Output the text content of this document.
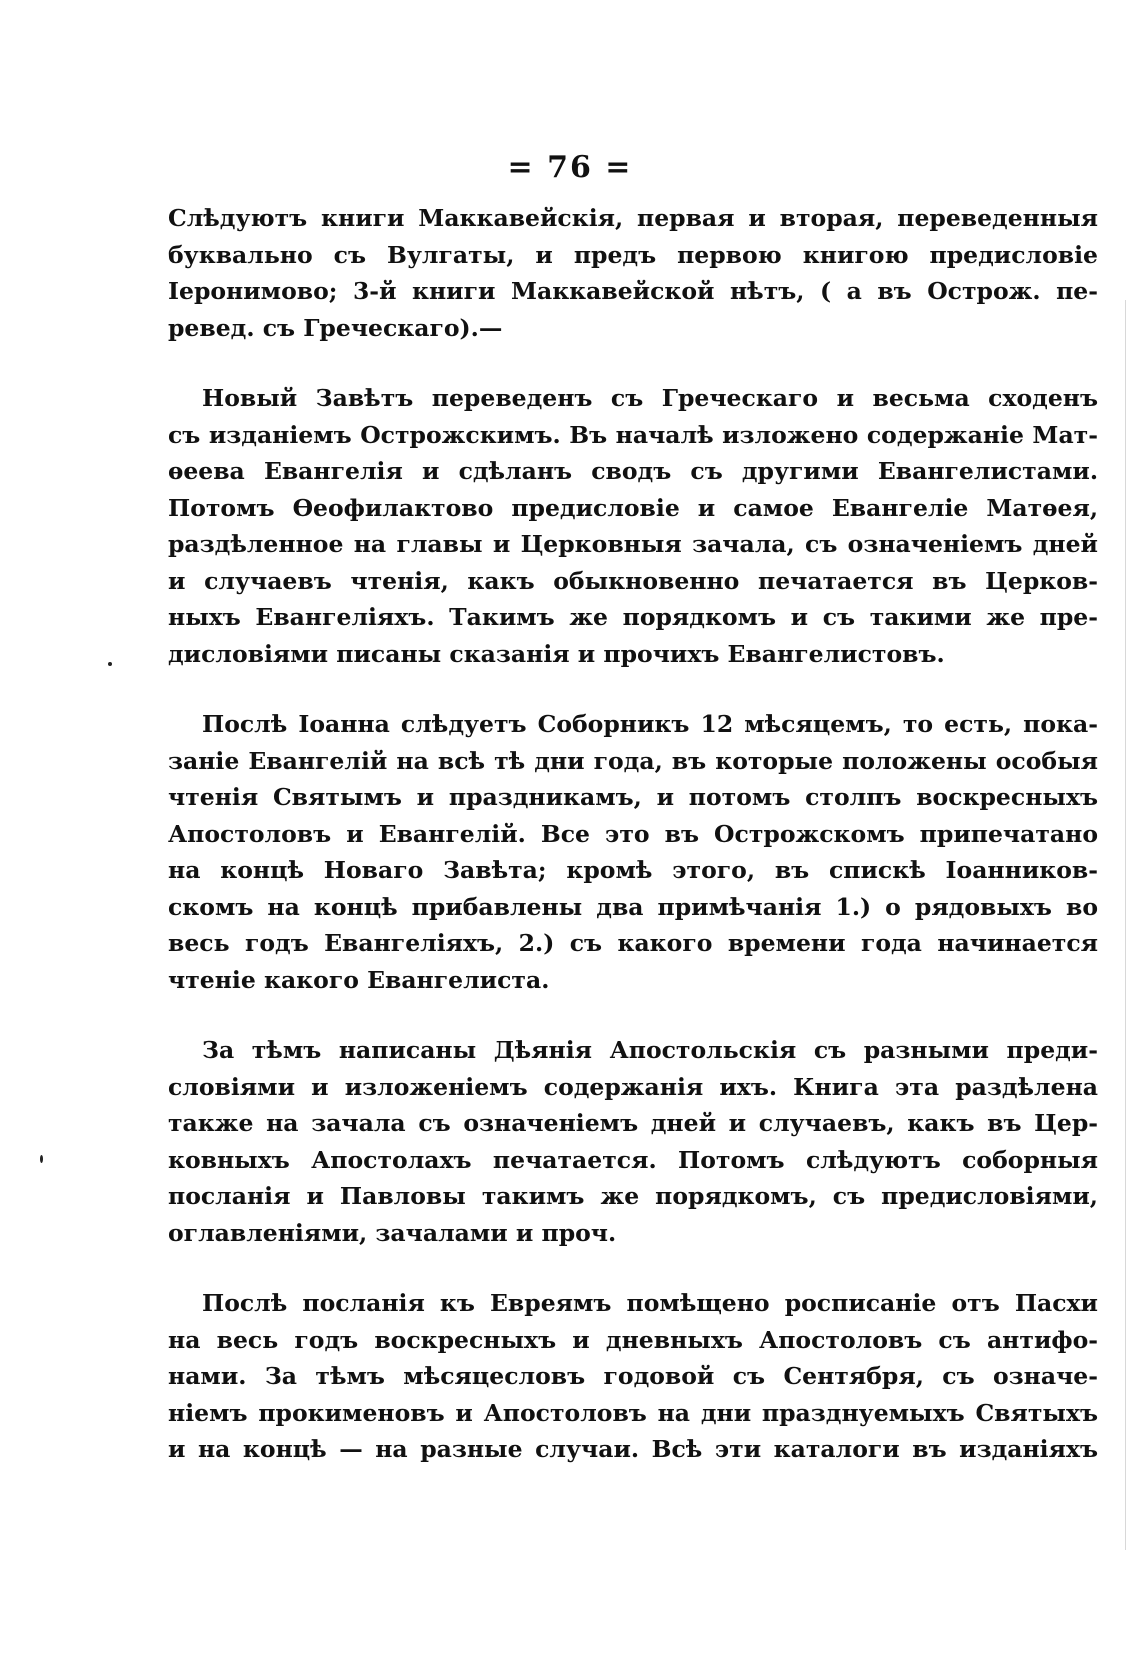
= 76 =

Слѣдуютъ книги Маккавейскія, первая и вторая, переведенныя
буквально съ Вулгаты, и предъ первою книгою предисловіе
Іеронимово; 3-й книги Маккавейской нѣтъ, ( а въ Острож. пе-
ревед. съ Греческаго).—

Новый Завѣтъ переведенъ съ Греческаго и весьма сходенъ
съ изданіемъ Острожскимъ. Въ началѣ изложено содержаніе Мат-
ѳеева Евангелія и сдѣланъ сводъ съ другими Евангелистами.
Потомъ Ѳеофилактово предисловіе и самое Евангеліе Матѳея,
раздѣленное на главы и Церковныя зачала, съ означеніемъ дней
и случаевъ чтенія, какъ обыкновенно печатается въ Церков-
ныхъ Евангеліяхъ. Такимъ же порядкомъ и съ такими же пре-
дисловіями писаны сказанія и прочихъ Евангелистовъ.

Послѣ Іоанна слѣдуетъ Соборникъ 12 мѣсяцемъ, то есть, пока-
заніе Евангелій на всѣ тѣ дни года, въ которые положены особыя
чтенія Святымъ и праздникамъ, и потомъ столпъ воскресныхъ
Апостоловъ и Евангелій. Все это въ Острожскомъ припечатано
на концѣ Новаго Завѣта; кромѣ этого, въ спискѣ Іоанников-
скомъ на концѣ прибавлены два примѣчанія 1.) о рядовыхъ во
весь годъ Евангеліяхъ, 2.) съ какого времени года начинается
чтеніе какого Евангелиста.

За тѣмъ написаны Дѣянія Апостольскія съ разными преди-
словіями и изложеніемъ содержанія ихъ. Книга эта раздѣлена
также на зачала съ означеніемъ дней и случаевъ, какъ въ Цер-
ковныхъ Апостолахъ печатается. Потомъ слѣдуютъ соборныя
посланія и Павловы такимъ же порядкомъ, съ предисловіями,
оглавленіями, зачалами и проч.

Послѣ посланія къ Евреямъ помѣщено росписаніе отъ Пасхи
на весь годъ воскресныхъ и дневныхъ Апостоловъ съ антифо-
нами. За тѣмъ мѣсяцесловъ годовой съ Сентября, съ означе-
ніемъ прокименовъ и Апостоловъ на дни празднуемыхъ Святыхъ
и на концѣ — на разные случаи. Всѣ эти каталоги въ изданіяхъ
